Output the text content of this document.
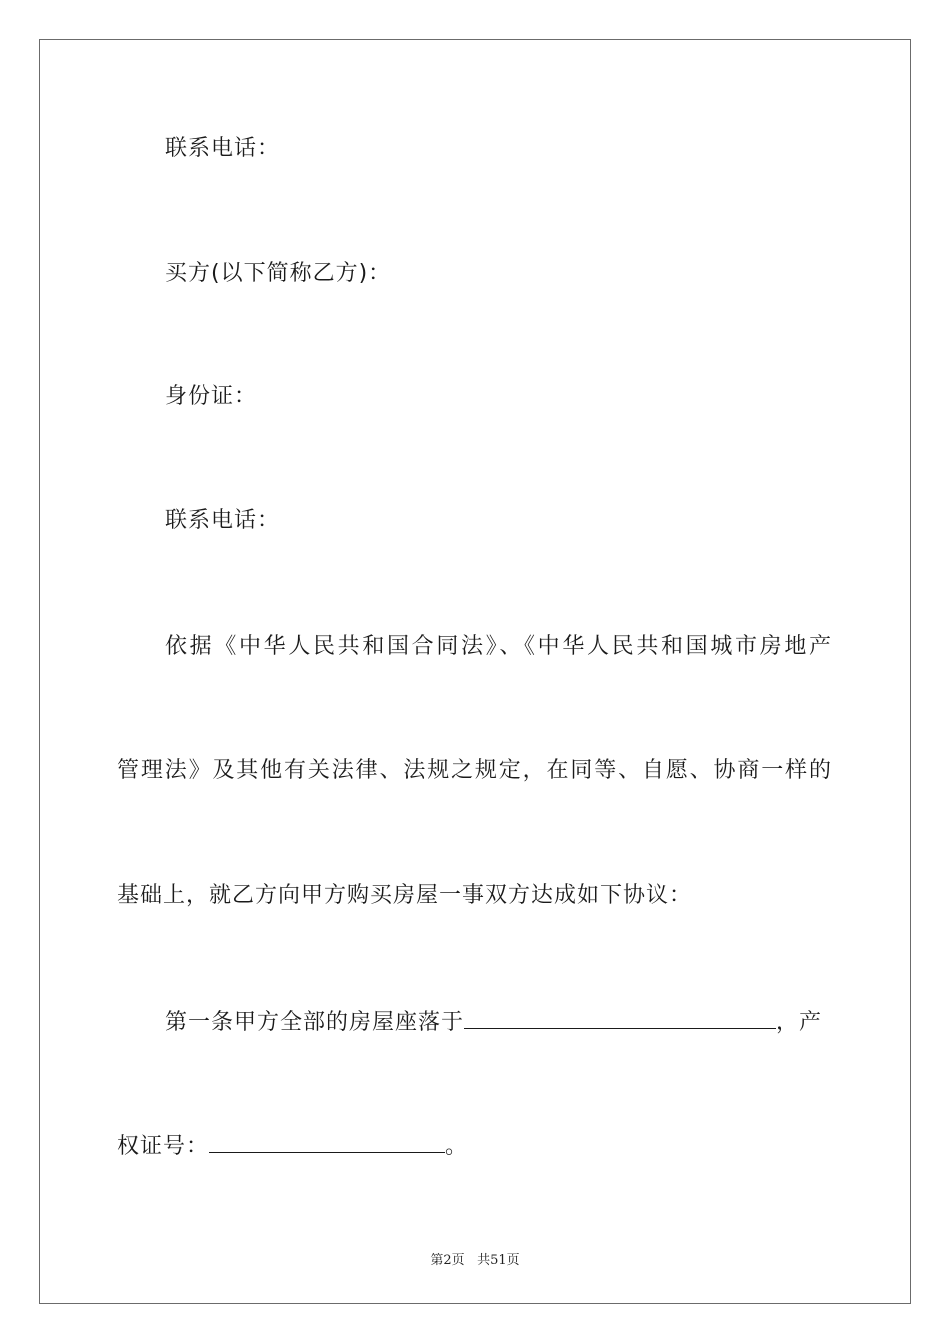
联系电话：

买方(以下简称乙方)：

身份证：

联系电话：

依据《中华人民共和国合同法》、《中华人民共和国城市房地产

管理法》及其他有关法律、法规之规定，在同等、自愿、协商一样的

基础上，就乙方向甲方购买房屋一事双方达成如下协议：

第一条甲方全部的房屋座落于	，产

权证号：	。

第2页 共51页
